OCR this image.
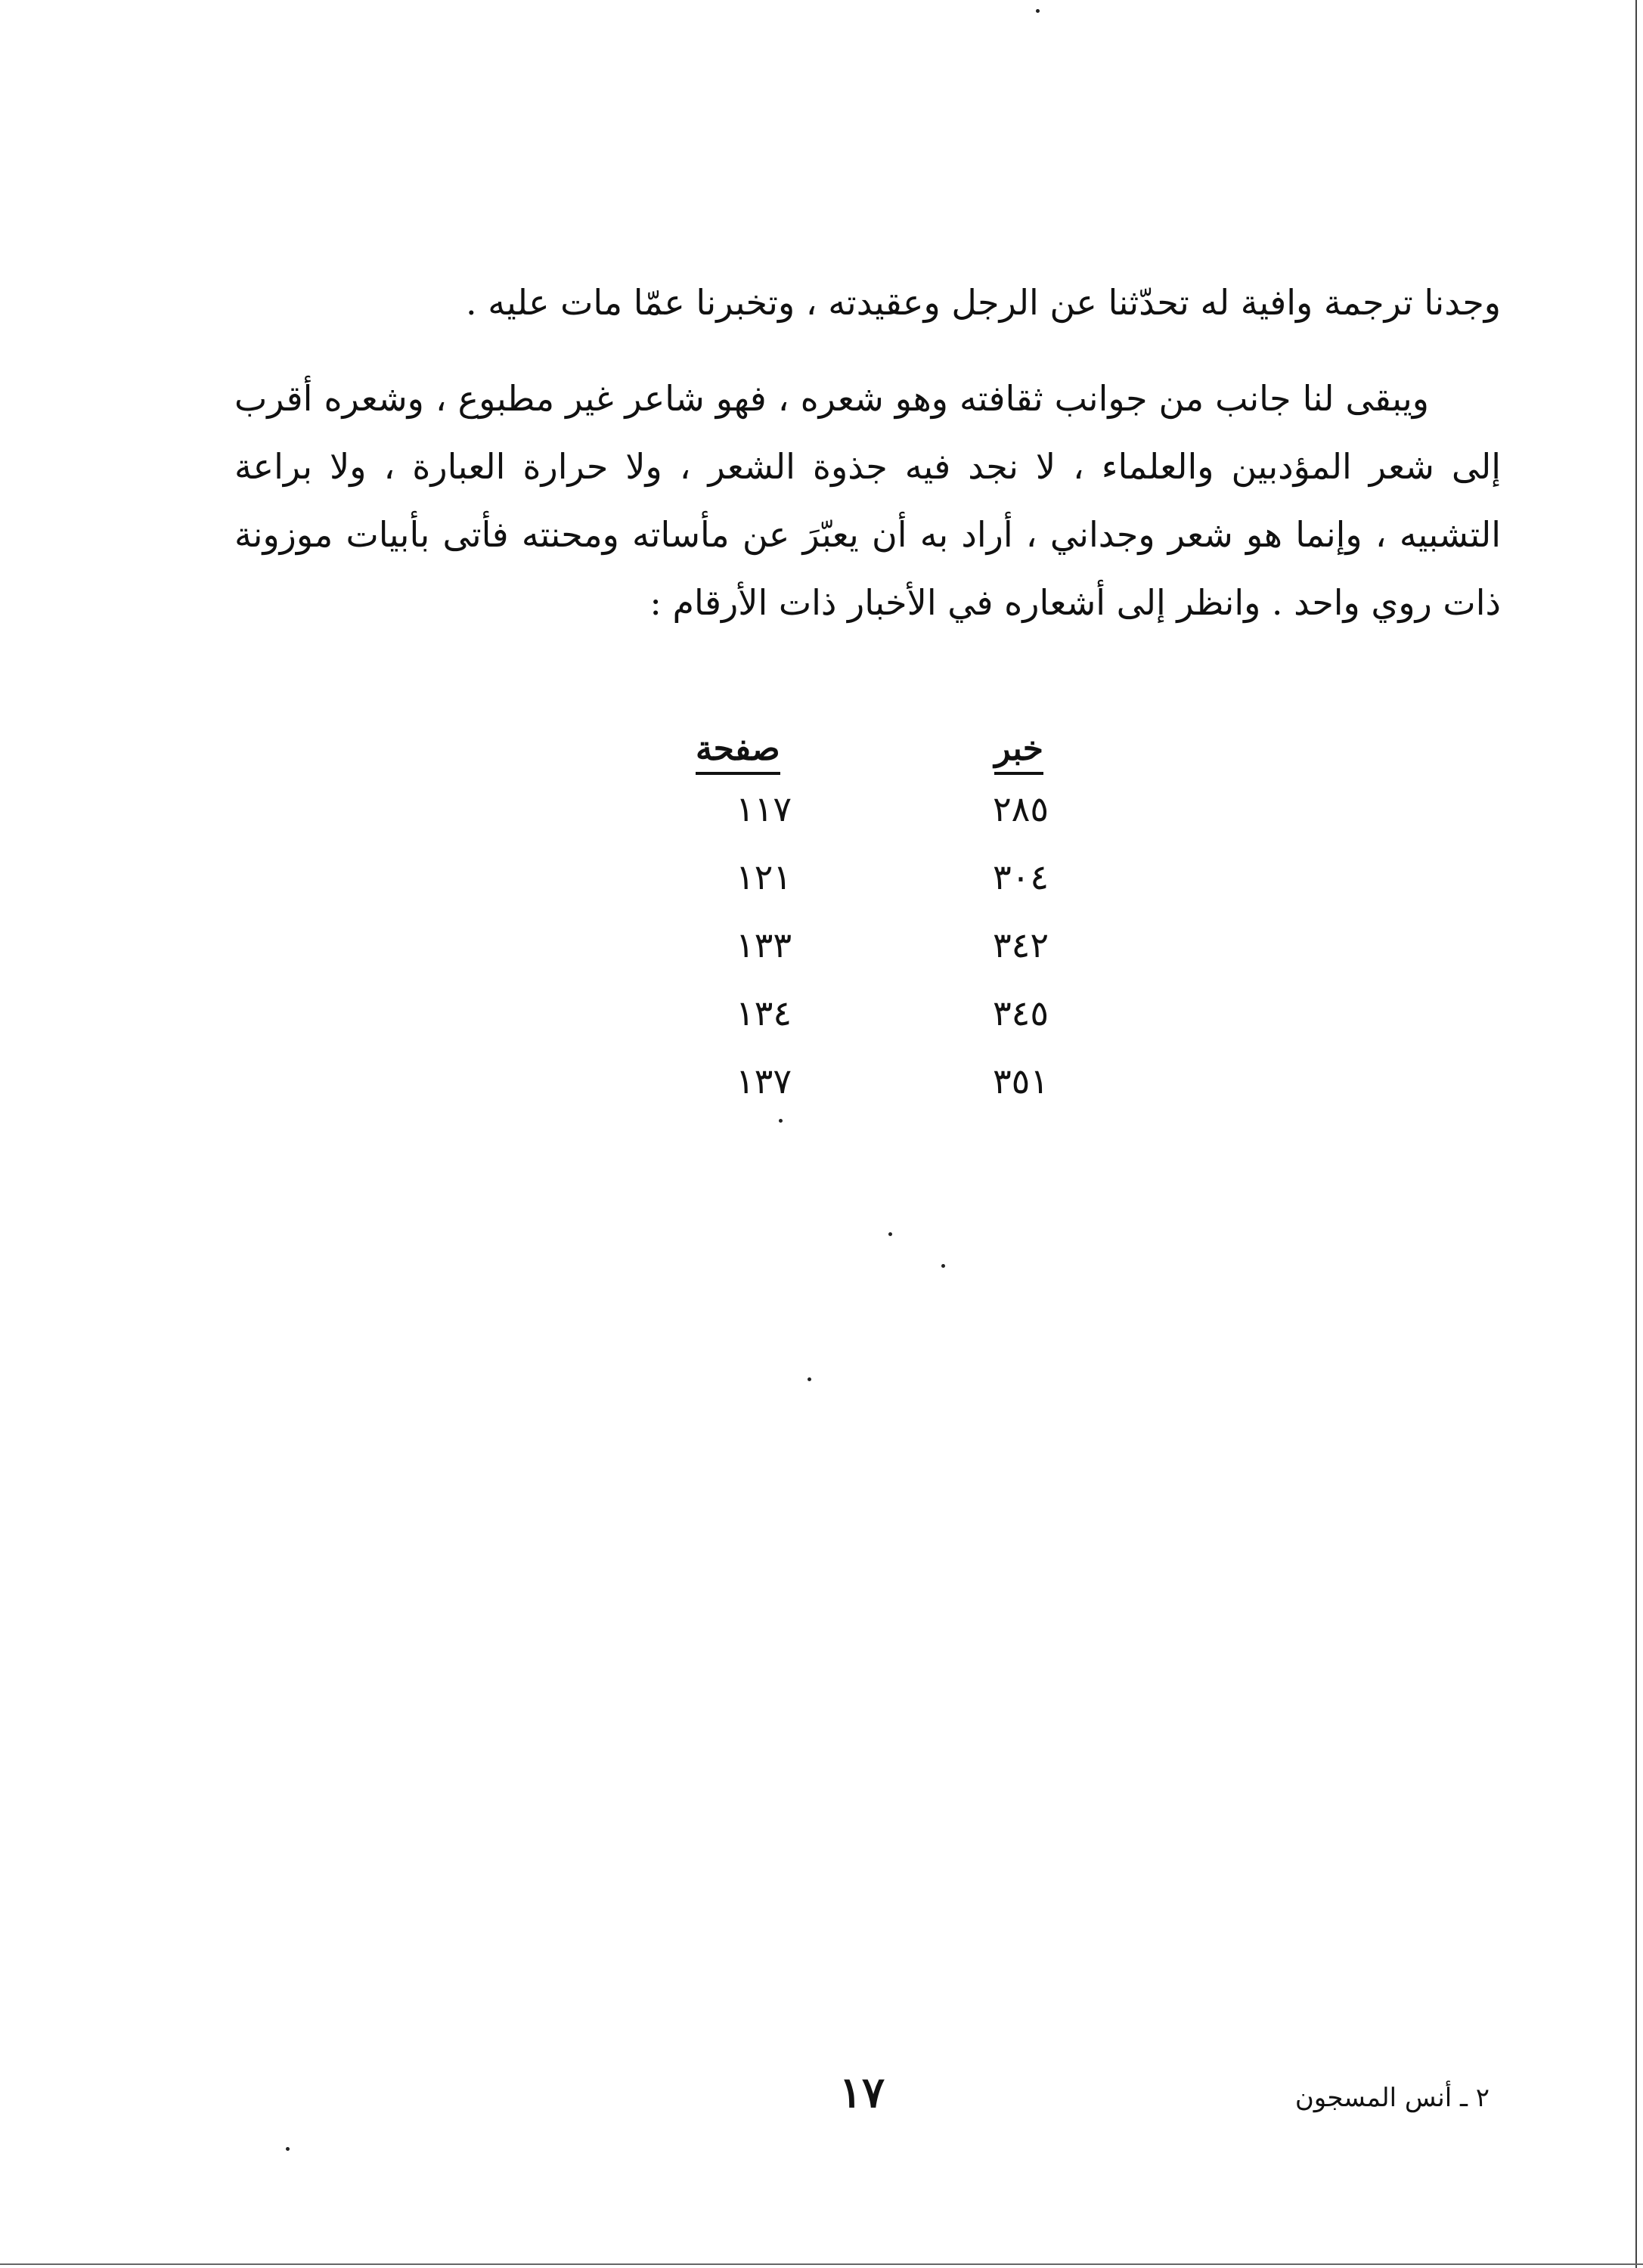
وجدنا ترجمة وافية له تحدّثنا عن الرجل وعقيدته ، وتخبرنا عمّا مات عليه .
ويبقى لنا جانب من جوانب ثقافته وهو شعره ، فهو شاعر غير مطبوع ، وشعره أقرب إلى شعر المؤدبين والعلماء ، لا نجد فيه جذوة الشعر ، ولا حرارة العبارة ، ولا براعة التشبيه ، وإنما هو شعر وجداني ، أراد به أن يعبّرَ عن مأساته ومحنته فأتى بأبيات موزونة ذات روي واحد . وانظر إلى أشعاره في الأخبار ذات الأرقام :
خبر
صفحة
٢٨٥
١١٧
٣٠٤
١٢١
٣٤٢
١٣٣
٣٤٥
١٣٤
٣٥١
١٣٧
١٧	٢ ـ أنس المسجون
